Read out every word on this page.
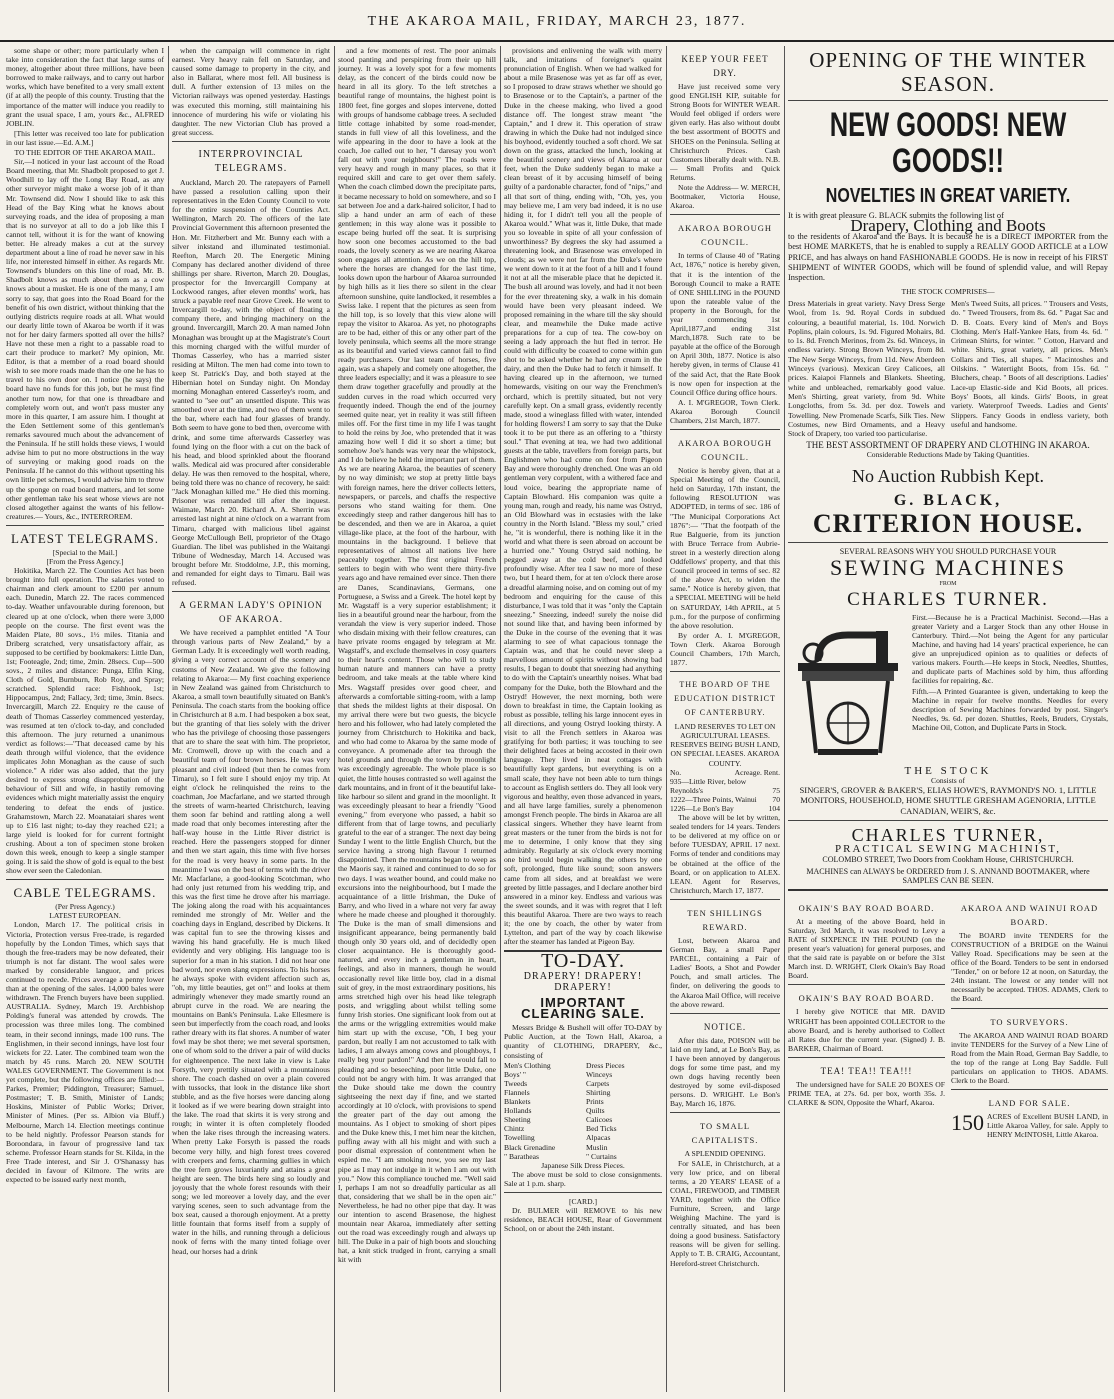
THE AKAROA MAIL, FRIDAY, MARCH 23, 1877.

some shape or other; more particularly when I take into consideration the fact that large sums of money, altogether about three millions, have been borrowed to make railways, and to carry out harbor works, which have benefited to a very small extent (if at all) the people of this county. Trusting that the importance of the matter will induce you readily to grant the usual space, I am, yours &c., ALFRED JOBLIN.

[This letter was received too late for publication in our last issue.—Ed. A.M.]

TO THE EDITOR OF THE AKAROA MAIL.

Sir,—I noticed in your last account of the Road Board meeting, that Mr. Shadbolt proposed to get J. Woodhill to lay off the Long Bay Road, as any other surveyor might make a worse job of it than Mr. Townsend did. Now I should like to ask this Head of the Bay King what he knows about surveying roads, and the idea of proposing a man that is no surveyor at all to do a job like this I cannot tell, without it is for the want of knowing better. He already makes a cut at the survey department about a line of road he never saw in his life, nor interested himself in either. As regards Mr. Townsend's blunders on this line of road, Mr. B. Shadbolt knows as much about them as a cow knows about a musket. He is one of the many, I am sorry to say, that goes into the Road Board for the benefit of his own district, without thinking that the outlying districts require roads at all. What would our dearly little town of Akaroa be worth if it was not for her dairy farmers spotted all over the hills? Have not these men a right to a passable road to cart their produce to market? My opinion, Mr. Editor, is that a member of a road board should wish to see more roads made than the one he has to travel to his own door on. I notice (he says) the board have no funds for this job, but he must find another turn now, for that one is threadbare and completely worn out, and won't pass muster any more in this quarter, I am assure him. I thought at the Eden Settlement some of this gentleman's remarks savoured much about the advancement of the Peninsula. If he still holds these views, I would advise him to put no more obstructions in the way of surveying or making good roads on the Peninsula. If he cannot do this without upsetting his own little pet schemes, I would advise him to throw up the sponge on road board matters, and let some other gentleman take his seat whose views are not closed altogether against the wants of his fellow-creatures.— Yours, &c., INTERROREM.

LATEST TELEGRAMS.
[Special to the Mail.]
[From the Press Agency.]

Hokitika, March 22. The Counties Act has been brought into full operation. The salaries voted to chairman and clerk amount to £200 per annum each. Dunedin, March 22. The races commenced to-day. Weather unfavourable during forenoon, but cleared up at one o'clock, when there were 3,000 people on the course. The first event was the Maiden Plate, 80 sovs., 1½ miles. Titania and Driberg scratched, very unsatisfactory affair, as supposed to be certified by bookmakers: Little Dan, 1st; Footeagle, 2nd; time, 2min. 28secs. Cup—500 sovs., 2 miles and distance: Punga, Elfin King, Cloth of Gold, Burnburn, Rob Roy, and Spray; scratched. Splendid race: Fishhook, 1st; Hippocampus, 2nd; Fallacy, 3rd; time, 3min. 8secs. Invercargill, March 22. Enquiry re the cause of death of Thomas Casserley commenced yesterday, was resumed at ten o'clock to-day, and concluded this afternoon. The jury returned a unanimous verdict as follows:—"That deceased came by his death through wilful violence, that the evidence implicates John Monaghan as the cause of such violence." A rider was also added, that the jury desired to express strong disapprobation of the behaviour of Sill and wife, in hastily removing evidences which might materially assist the enquiry tendering to defeat the ends of justice. Grahamstown, March 22. Moanataiari shares went up to £16 last night; to-day they reached £21; a large yield is looked for for current fortnight crushing. About a ton of specimen stone broken down this week, enough to keep a single stamper going. It is said the show of gold is equal to the best show ever seen the Caledonian.

CABLE TELEGRAMS.
(Per Press Agency.)
LATEST EUROPEAN.

London, March 17. The political crisis in Victoria, Protection versus Free-trade, is regarded hopefully by the London Times, which says that though the free-traders may be now defeated, their triumph is not far distant. The wool sales were marked by considerable languor, and prices continued to recede. Prices average a penny lower than at the opening of the sales. 14,000 bales were withdrawn. The French buyers have been supplied. AUSTRALIA. Sydney, March 19. Archbishop Polding's funeral was attended by crowds. The procession was three miles long. The combined team, in their second innings, made 100 runs. The Englishmen, in their second innings, have lost four wickets for 22. Later. The combined team won the match by 45 runs. March 20. NEW SOUTH WALES GOVERNMENT. The Government is not yet complete, but the following offices are filled:—Parkes, Premier; Piddington, Treasurer; Samuel, Postmaster; T. B. Smith, Minister of Lands; Hoskins, Minister of Public Works; Driver, Minister of Mines. (Per ss. Albion via Bluff.) Melbourne, March 14. Election meetings continue to be held nightly. Professor Pearson stands for Boroondara, in favour of progressive land tax scheme. Professor Hearn stands for St. Kilda, in the Free Trade interest, and Sir J. O'Shanassy has decided in favour of Kilmore. The writs are expected to be issued early next month,

when the campaign will commence in right earnest. Very heavy rain fell on Saturday, and caused some damage to property in the city, and also in Ballarat, where most fell. All business is dull. A further extension of 13 miles on the Victorian railways was opened yesterday. Hastings was executed this morning, still maintaining his innocence of murdering his wife or violating his daughter. The new Victorian Club has proved a great success.

INTERPROVINCIAL TELEGRAMS.

Auckland, March 20. The ratepayers of Parnell have passed a resolution calling upon their representatives in the Eden County Council to vote for the entire suspension of the Counties Act. Wellington, March 20. The officers of the late Provincial Government this afternoon presented the Hon. Mr. Fitzherbert and Mr. Bunny each with a silver inkstand and illuminated testimonial. Reefton, March 20. The Energetic Mining Company has declared another dividend of three shillings per share. Riverton, March 20. Douglas, prospector for the Invercargill Company at Lockwood ranges, after eleven months' work, has struck a payable reef near Grove Creek. He went to Invercargill to-day, with the object of floating a company there, and bringing machinery on the ground. Invercargill, March 20. A man named John Monaghan was brought up at the Magistrate's Court this morning charged with the wilful murder of Thomas Casserley, who has a married sister residing at Milton. The men had come into town to keep St. Patrick's Day, and both stayed at the Hibernian hotel on Sunday night. On Monday morning Monaghan entered Casserley's room, and wanted to "see out" an unsettled dispute. This was smoothed over at the time, and two of them went to the bar, where each had four glasses of brandy. Both seem to have gone to bed then, overcome with drink, and some time afterwards Casserley was found lying on the floor with a cut on the back of his head, and blood sprinkled about the floorand walls. Medical aid was procured after considerable delay. He was then removed to the hospital, where, being told there was no chance of recovery, he said: "Jack Monaghan killed me." He died this morning. Prisoner was remanded till after the inquest. Waimate, March 20. Richard A. A. Sherrin was arrested last night at nine o'clock on a warrant from Timaru, charged with malicious libel against George McCullough Bell, proprietor of the Otago Guardian. The libel was published in the Waitangi Tribune of Wednesday, March 14. Accused was brought before Mr. Stoddolme, J.P., this morning, and remanded for eight days to Timaru. Bail was refused.

A GERMAN LADY'S OPINION OF AKAROA.

We have received a pamphlet entitled "A Tour through various parts of New Zealand," by a German Lady. It is exceedingly well worth reading, giving a very correct account of the scenery and customs of New Zealand. We give the following relating to Akaroa:— My first coaching experience in New Zealand was gained from Christchurch to Akaroa, a small town beautifully situated on Bank's Peninsula. The coach starts from the booking office in Christchurch at 8 a.m. I had bespoken a box seat, but the granting of that lies solely with the driver who has the privilege of choosing those passengers that are to share the seat with him. The proprietor, Mr. Cromwell, drove up with the coach and a beautiful team of four brown horses. He was very pleasant and civil indeed (but then he comes from Timaru), so I felt sure I should enjoy my trip. At eight o'clock he relinquished the reins to the coachman, Joe Macfarlane, and we started through the streets of warm-hearted Christchurch, leaving them soon far behind and rattling along a well made road that only becomes interesting after the half-way house in the Little River district is reached. Here the passengers stopped for dinner and then we start again, this time with five horses for the road is very heavy in some parts. In the meantime I was on the best of terms with the driver Mr. Macfarlane, a good-looking Scotchman, who had only just returned from his wedding trip, and this was the first time he drove after his marriage. The joking along the road with his acquaintances reminded me strongly of Mr. Weller and the coaching days in England, described by Dickens. It was capital fun to see the throwing kisses and waving his hand gracefully. He is much liked evidently and very obliging. His language too is superior for a man in his station. I did not hear one bad word, nor even slang expressions. To his horses he always spoke with evident affection such as, "oh, my little beauties, get on!" and looks at them admiringly whenever they made smartly round an abrupt curve in the road. We are nearing the mountains on Bank's Peninsula. Lake Ellesmere is seen but imperfectly from the coach road, and looks rather dreary with its flat shores. A number of water fowl may be shot there; we met several sportsmen, one of whom sold to the driver a pair of wild ducks for eighteenpence. The next lake in view is Lake Forsyth, very prettily situated with a mountainous shore. The coach dashed on over a plain covered with tussocks, that look in the distance like short stubble, and as the five horses were dancing along it looked as if we were bearing down straight into the lake. The road that skirts it is very strong and rough; in winter it is often completely flooded when the lake rises through the increasing waters. When pretty Lake Forsyth is passed the roads become very hilly, and high forest trees covered with creepers and ferns, charming gullies in which the tree fern grows luxuriantly and attains a great height are seen. The birds here sing so loudly and joyously that the whole forest resounds with their song; we led moreover a lovely day, and the ever varying scenes, seen to such advantage from the box seat, caused a thorough enjoyment. At a pretty little fountain that forms itself from a supply of water in the hills, and running through a delicious nook of ferns with the many tinted foliage over head, our horses had a drink

and a few moments of rest. The poor animals stood panting and perspiring from their up hill journey. It was a lovely spot for a few moments delay, as the concert of the birds could now be heard in all its glory. To the left stretches a beautiful range of mountains, the highest point is 1800 feet, fine gorges and slopes intervene, dotted with groups of handsome cabbage trees. A secluded little cottage inhabited by some road-mender, stands in full view of all this loveliness, and the wife appearing in the door to have a look at the coach, Joe called out to her, "I daresay you won't fall out with your neighbours!" The roads were very heavy and rough in many places, so that it required skill and care to get over them safely. When the coach climbed down the precipitate parts, it became necessary to hold on somewhere, and so I sat between Joe and a dark-haired solicitor, I had to slip a hand under an arm of each of these gentlemen; in this way alone was it possible to escape being hurled off the seat. It is surprising how soon one becomes accustomed to the bad roads, the lovely scenery as we are nearing Akaroa soon engages all attention. As we on the hill top, where the horses are changed for the last time, looks down upon the harbour of Akaroa surrounded by high hills as it lies there so silent in the clear afternoon sunshine, quite landlocked, it resembles a Swiss lake. I repent that the pictures as seen from the hill top, is so lovely that this view alone will repay the visitor to Akaroa. As yet, no photographs are to be had, either of this or any other part of the lovely peninsula, which seems all the more strange as its beautiful and varied views cannot fail to find ready purchasers. Our last team of horses, five again, was a shapely and comely one altogether, the three leaders especially; and it was a pleasure to see them draw together gracefully and proudly at the sudden curves in the road which occurred very frequently indeed. Though the end of the journey seemed quite near, yet in reality it was still fifteen miles off. For the first time in my life I was taught to hold the reins by Joe, who pretended that it was amazing how well I did it so short a time; but somehow Joe's hands was very near the whipstock, and I do believe he held the important part of them. As we are nearing Akaroa, the beauties of scenery by no way diminish; we stop at pretty little bays with foreign names, here the driver collects letters, newspapers, or parcels, and chaffs the respective persons who stand waiting for them. One exceedingly steep and rather dangerous hill has to be descended, and then we are in Akaroa, a quiet village-like place, at the foot of the harbour, with mountains in the background. I believe that representatives of almost all nations live here peaceably together. The first original French settlers to begin with who went there thirty-five years ago and have remained ever since. Then there are Danes, Scandinavians, Germans, one Portuguese, a Swiss and a Greek. The hotel kept by Mr. Wagstaff is a very superior establishment; it lies in a beautiful ground near the harbour, from the verandah the view is very superior indeed. Those who disdain mixing with their fellow creatures, can have private rooms engaged by telegram at Mr. Wagstaff's, and exclude themselves in cosy quarters to their heart's content. Those who will to study human nature and manners can have a pretty bedroom, and take meals at the table where kind Mrs. Wagstaff presides over good cheer, and afterwards a comfortable sitting-room, with a lamp that sheds the mildest lights at their disposal. On my arrival there were but two guests, the bicycle hero and his follower, who had lately completed the journey from Christchurch to Hokitika and back, and who had come to Akaroa by the same mode of conveyance. A promenade after tea through the hotel grounds and through the town by moonlight was exceedingly agreeable. The whole place is so quiet, the little houses contrasted so well against the dark mountains, and in front of it the beautiful lake-like harbour so silent and grand in the moonlight. It was exceedingly pleasant to hear a friendly "Good evening," from everyone who passed, a habit so different from that of large towns, and peculiarly grateful to the ear of a stranger. The next day being Sunday I went to the little English Church, but the service having a strong high flavour I returned disappointed. Then the mountains began to weep as the Maoris say, it rained and continued to do so for two days. I was weather bound, and could make no excursions into the neighbourhood, but I made the acquaintance of a little Irishman, the Duke of Barry, and who lived in a whare not very far away where he made cheese and ploughed it thoroughly. The Duke is the man of small dimensions and insignificant appearance, being permanently bald though only 30 years old, and of decidedly open closer acquaintance. He is thoroughly good-natured, and every inch a gentleman in heart, feelings, and also in manners, though he would occasionally revel like little boy, clad in a dismal suit of grey, in the most extraordinary positions, his arms stretched high over his head like telegraph posts, and wriggling about whilst telling some funny Irish stories. One significant look from out at the arms or the wriggling extremities would make him start up with the excuse, "Oh, I beg your pardon, but really I am not accustomed to talk with ladies, I am always among cows and ploughboys, I really beg your pardon!" And then he would fall to pleading and so beseeching, poor little Duke, one could not be angry with him. It was arranged that the Duke should take me down the country sightseeing the next day if fine, and we started accordingly at 10 o'clock, with provisions to spend the greater part of the day out among the mountains. As I object to smoking of short pipes and the Duke knew this, I met him near the kitchen, puffing away with all his might and with such a poor dismal expression of contentment when he espied me. "I am smoking now, you see my last pipe as I may not indulge in it when I am out with you." Now this compliance touched me. "Well said I, perhaps I am not so dreadfully particular as all that, considering that we shall be in the open air." Nevertheless, he had no other pipe that day. It was our intention to ascend Brasenose, the highest mountain near Akaroa, immediately after setting out the road was exceedingly rough and always up hill. The Duke in a pair of high boots and slouching hat, a knit stick trudged in front, carrying a small kit with

provisions and enlivening the walk with merry talk, and imitations of foreigner's quaint pronunciation of English. When we had walked for about a mile Brasenose was yet as far off as ever, so I proposed to draw straws whether we should go to Brasenose or to the Captain's, a partner of the Duke in the cheese making, who lived a good distance off. The longest straw meant "the Captain," and I drew it. This operation of straw drawing in which the Duke had not indulged since his boyhood, evidently touched a soft chord. We sat down on the grass, attacked the lunch, looking at the beautiful scenery and views of Akaroa at our feet, when the Duke suddenly began to make a clean breast of it by accusing himself of being guilty of a pardonable character, fond of "nips," and all that sort of thing, ending with, "Oh, yes, you may believe me, I am very bad indeed, it is no use hiding it, for I didn't tell you all the people of Akaroa would." What was it, little Duke, that made you so loveable in spite of all your confession of unworthiness? By degrees the sky had assumed a threatening look, and Brasenose was enveloped in clouds; as we were not far from the Duke's where we went down to it at the foot of a hill and I found it not at all the miserable place that he depicted it. The bush all around was lovely, and had it not been for the ever threatening sky, a walk in his domain would have been very pleasant indeed. We proposed remaining in the whare till the sky should clear, and meanwhile the Duke made active preparations for a cup of tea. The cow-boy on seeing a lady approach the hut fled in terror. He could with difficulty be coaxed to come within gun shot to be asked whether he had any cream in the dairy, and then the Duke had to fetch it himself. It having cleared up in the afternoon, we turned homewards, visiting on our way the Frenchmen's orchard, which is prettily situated, but not very carefully kept. On a small grass, evidently recently made, stood a wineglass filled with water, intended for holding flowers! I am sorry to say that the Duke took it to be put there as an offering to a "thirsty soul." That evening at tea, we had two additional guests at the table, travellers from foreign parts, but Englishmen who had come on foot from Pigeon Bay and were thoroughly drenched. One was an old gentleman very corpulent, with a withered face and loud voice, bearing the appropriate name of Captain Blowhard. His companion was quite a young man, rough and ready, his name was Ostryd, an Old Blowhard was in ecstasies with the lake country in the North Island. "Bless my soul," cried he, "it is wonderful, there is nothing like it in the world and what there is seen abroad on account be a hurried one." Young Ostryd said nothing, he pegged away at the cold beef, and looked profoundly wise. After tea I saw no more of these two, but I heard them, for at ten o'clock there arose a dreadful alarming noise, and on coming out of my bedroom and enquiring for the cause of this disturbance, I was told that it was "only the Captain sneezing." Sneezing, indeed! surely the noise did not sound like that, and having been informed by the Duke in the course of the evening that it was alarming to see of what capacious tonnage the Captain was, and that he could never sleep a marvellous amount of spirits without showing bad results, I began to doubt that sneezing had anything to do with the Captain's unearthly noises. What bad company for the Duke, both the Blowhard and the Ostryd! However, the next morning, both were down to breakfast in time, the Captain looking as robust as possible, telling his large innocent eyes in all directions, and young Ostryd looking thirsty. A visit to all the French settlers in Akaroa was gratifying for both parties; it was touching to see their delighted faces at being accosted in their own language. They lived in neat cottages with beautifully kept gardens, but everything is on a small scale, they have not been able to turn things to account as English settlers do. They all look very vigorous and healthy, even those advanced in years, and all have large families, surely a phenomenon amongst French people. The birds in Akaroa are all classical singers. Whether they have learnt from great masters or the tuner from the birds is not for me to determine, I only know that they sing admirably. Regularly at six o'clock every morning one bird would begin walking the others by one soft, prolonged, flute like sound; soon answers came from all sides, and at breakfast we were greeted by little passages, and I declare another bird answered in a minor key. Endless and various was the sweet sounds, and it was with regret that I left this beautiful Akaroa. There are two ways to reach it; the one by coach, the other by water from Lyttelton, and part of the way by coach likewise after the steamer has landed at Pigeon Bay.

TO-DAY.
DRAPERY! DRAPERY! DRAPERY!
IMPORTANT CLEARING SALE.

Messrs Bridge & Bushell will offer TO-DAY by Public Auction, at the Town Hall, Akaroa, a quantity of CLOTHING, DRAPERY, &c., consisting of

Men's Clothing
Boys' "
Tweeds
Flannels
Blankets
Hollands
Sheeting
Chintz
Towelling
Black Grenadine
" Baratheas
Dress Pieces
Winceys
Carpets
Shirting
Prints
Quilts
Calicoes
Bed Ticks
Alpacas
Muslin
" Curtains
Japanese Silk Dress Pieces.

The above must be sold to close consignments. Sale at 1 p.m. sharp.

[CARD.]

Dr. BULMER will REMOVE to his new residence, BEACH HOUSE, Rear of Government School, on or about the 24th instant.

KEEP YOUR FEET DRY.

Have just received some very good ENGLISH KIP, suitable for Strong Boots for WINTER WEAR. Would feel obliged if orders were given early. Has also without doubt the best assortment of BOOTS and SHOES on the Peninsula. Selling at Christchurch Prices. Cash Customers liberally dealt with. N.B. — Small Profits and Quick Returns.

Note the Address— W. MERCH, Bootmaker, Victoria House, Akaroa.

AKAROA BOROUGH COUNCIL.

In terms of Clause 40 of "Rating Act, 1876," notice is hereby given, that it is the intention of the Borough Council to make a RATE of ONE SHILLING in the POUND upon the rateable value of the property in the Borough, for the year commencing 1st April,1877,and ending 31st March,1878. Such rate to be payable at the office of the Borough on April 30th, 1877. Notice is also hereby given, in terms of Clause 41 of the said Act, that the Rate Book is now open for inspection at the Council Office during office hours.

A. I. M'GREGOR, Town Clerk. Akaroa Borough Council Chambers, 21st March, 1877.

AKAROA BOROUGH COUNCIL.

Notice is hereby given, that at a Special Meeting of the Council, held on Saturday, 17th instant, the following RESOLUTION was ADOPTED, in terms of sec. 186 of "The Municipal Corporations Act 1876":— "That the footpath of the Rue Balguerie, from its junction with Bruce Terrace from Aubrie-street in a westerly direction along Oddfellows' property, and that this Council proceed in terms of sec. 82 of the above Act, to widen the same." Notice is hereby given, that a SPECIAL MEETING will be held on SATURDAY, 14th APRIL, at 5 p.m., for the purpose of confirming the above resolution.

By order A. I. M'GREGOR, Town Clerk. Akaroa Borough Council Chambers, 17th March, 1877.

THE BOARD OF THE EDUCATION DISTRICT OF CANTERBURY.
LAND RESERVES TO LET ON AGRICULTURAL LEASES.
RESERVES BEING BUSH LAND, ON SPECIAL LEASES. AKAROA COUNTY.
No.	Acreage. Rent.
935—Little River, below
Reynolds's	75
1222—Three Points, Wainui 70
1226—Le Bon's Bay	104

The above will be let by written, sealed tenders for 14 years. Tenders to be delivered at my office on or before TUESDAY, APRIL 17 next. Forms of tender and conditions may be obtained at the office of the Board, or on application to ALEX. LEAN. Agent for Reserves, Christchurch, March 17, 1877.

TEN SHILLINGS REWARD.

Lost, between Akaroa and German Bay, a small Paper PARCEL, containing a Pair of Ladies' Boots, a Shot and Powder Pouch, and small articles. The finder, on delivering the goods to the Akaroa Mail Office, will receive the above reward.

NOTICE.

After this date, POISON will be laid on my land, at Le Bon's Bay, as I have been annoyed by dangerous dogs for some time past, and my own dogs having recently been destroyed by some evil-disposed persons. D. WRIGHT. Le Bon's Bay, March 16, 1876.

TO SMALL CAPITALISTS.
A SPLENDID OPENING.

For SALE, in Christchurch, at a very low price, and on liberal terms, a 20 YEARS' LEASE of a COAL, FIREWOOD, and TIMBER YARD, together with the Office Furniture, Screen, and large Weighing Machine. The yard is centrally situated, and has been doing a good business. Satisfactory reasons will be given for selling. Apply to T. B. CRAIG, Accountant, Hereford-street Christchurch.

OPENING OF THE WINTER SEASON.
NEW GOODS! NEW GOODS!!
NOVELTIES IN GREAT VARIETY.
It is with great pleasure G. BLACK submits the following list of
Drapery, Clothing and Boots
to the residents of Akaroa and the Bays. It is because he is a DIRECT IMPORTER from the best HOME MARKETS, that he is enabled to supply a REALLY GOOD ARTICLE at a LOW PRICE, and has always on hand FASHIONABLE GOODS. He is now in receipt of his FIRST SHIPMENT of WINTER GOODS, which will be found of splendid value, and will Repay Inspection.
THE STOCK COMPRISES—
Dress Materials in great variety. Navy Dress Serge Wool, from 1s. 9d. Royal Cords in subdued colouring, a beautiful material, 1s. 10d. Norwich Poplins, plain colours, 1s. 9d. Figured Mohairs, 8d. to 1s. 8d. French Merinos, from 2s. 6d. Winceys, in endless variety. Strong Brown Winceys, from 8d. The New Serge Winceys, from 11d. New Aberdeen Winceys (various). Mexican Grey Calicoes, all prices. Kaiapoi Flannels and Blankets. Sheeting, white and unbleached, remarkably good value. Men's Shirting, great variety, from 9d. White Longcloths, from 5s. 3d. per doz. Towels and Towelling. New Promenade Scarfs, Silk Ties. New Costumes, new Bird Ornaments, and a Heavy Stock of Drapery, too varied too particularise.
Men's Tweed Suits, all prices. " Trousers and Vests, do. " Tweed Trousers, from 8s. 6d. " Pagat Sac and D. B. Coats. Every kind of Men's and Boys Clothing. Men's Half-Yankee Hats, from 4s. 6d. " Crimean Shirts, for winter. " Cotton, Harvard and white. Shirts, great variety, all prices. Men's Collars and Ties, all shapes. " Macintoshes and Oilskins. " Watertight Boots, from 15s. 6d. " Bluchers, cheap. " Boots of all descriptions. Ladies' Lace-up Elastic-side and Kid Boots, all prices. Boys' Boots, all kinds. Girls' Boots, in great variety. Waterproof Tweeds. Ladies and Gents' Slippers. Fancy Goods in endless variety, both useful and handsome.
THE BEST ASSORTMENT OF DRAPERY AND CLOTHING IN AKAROA.
Considerable Reductions Made by Taking Quantities.
No Auction Rubbish Kept.
G. BLACK,
CRITERION HOUSE.
SEVERAL REASONS WHY YOU SHOULD PURCHASE YOUR
SEWING MACHINES
FROM
CHARLES TURNER.

First.—Because he is a Practical Machinist. Second.—Has a greater Variety and a Larger Stock than any other House in Canterbury. Third.—Not being the Agent for any particular Machine, and having had 14 years' practical experience, he can give an unprejudiced opinion as to qualities or defects of various makers. Fourth.—He keeps in Stock, Needles, Shuttles, and duplicate parts of Machines sold by him, thus affording facilities for repairing, &c.

Fifth.—A Printed Guarantee is given, undertaking to keep the Machine in repair for twelve months. Needles for every description of Sewing Machines forwarded by post. Singer's Needles, 9s. 6d. per dozen. Shuttles, Reels, Bruders, Crystals, Machine Oil, Cotton, and Duplicate Parts in Stock.

THE STOCK
Consists of
SINGER'S, GROVER & BAKER'S, ELIAS HOWE'S, RAYMOND'S NO. 1, LITTLE MONITORS, HOUSEHOLD, HOME SHUTTLE GRESHAM AGENORIA, LITTLE CANADIAN, WEIR'S, &c.
CHARLES TURNER,
PRACTICAL SEWING MACHINIST,
COLOMBO STREET, Two Doors from Cookham House, CHRISTCHURCH.
MACHINES can ALWAYS be ORDERED from J. S. ANNAND BOOTMAKER, where SAMPLES CAN BE SEEN.
OKAIN'S BAY ROAD BOARD.

At a meeting of the above Board, held in Saturday, 3rd March, it was resolved to Levy a RATE of SIXPENCE IN THE POUND (on the present year's valuation) for general purposes, and that the said rate is payable on or before the 31st March inst. D. WRIGHT, Clerk Okain's Bay Road Board.

OKAIN'S BAY ROAD BOARD.

I hereby give NOTICE that MR. DAVID WRIGHT has been appointed COLLECTOR to the above Board, and is hereby authorised to Collect all Rates due for the current year. (Signed) J. B. BARKER, Chairman of Board.

TEA! TEA!! TEA!!!

The undersigned have for SALE 20 BOXES OF PRIME TEA, at 27s. 6d. per box, worth 35s. J. CLARKE & SON, Opposite the Wharf, Akaroa.

AKAROA AND WAINUI ROAD BOARD.

The BOARD invite TENDERS for the CONSTRUCTION of a BRIDGE on the Wainui Valley Road. Specifications may be seen at the office of the Board. Tenders to be sent in endorsed "Tender," on or before 12 at noon, on Saturday, the 24th instant. The lowest or any tender will not necessarily be accepted. THOS. ADAMS, Clerk to the Board.

TO SURVEYORS.

The AKAROA AND WAINUI ROAD BOARD invite TENDERS for the Survey of a New Line of Road from the Main Road, German Bay Saddle, to the top of the range at Long Bay Saddle. Full particulars on application to THOS. ADAMS. Clerk to the Board.

LAND FOR SALE.
150 ACRES of Excellent BUSH LAND, in Little Akaroa Valley, for sale. Apply to HENRY McINTOSH, Little Akaroa.
